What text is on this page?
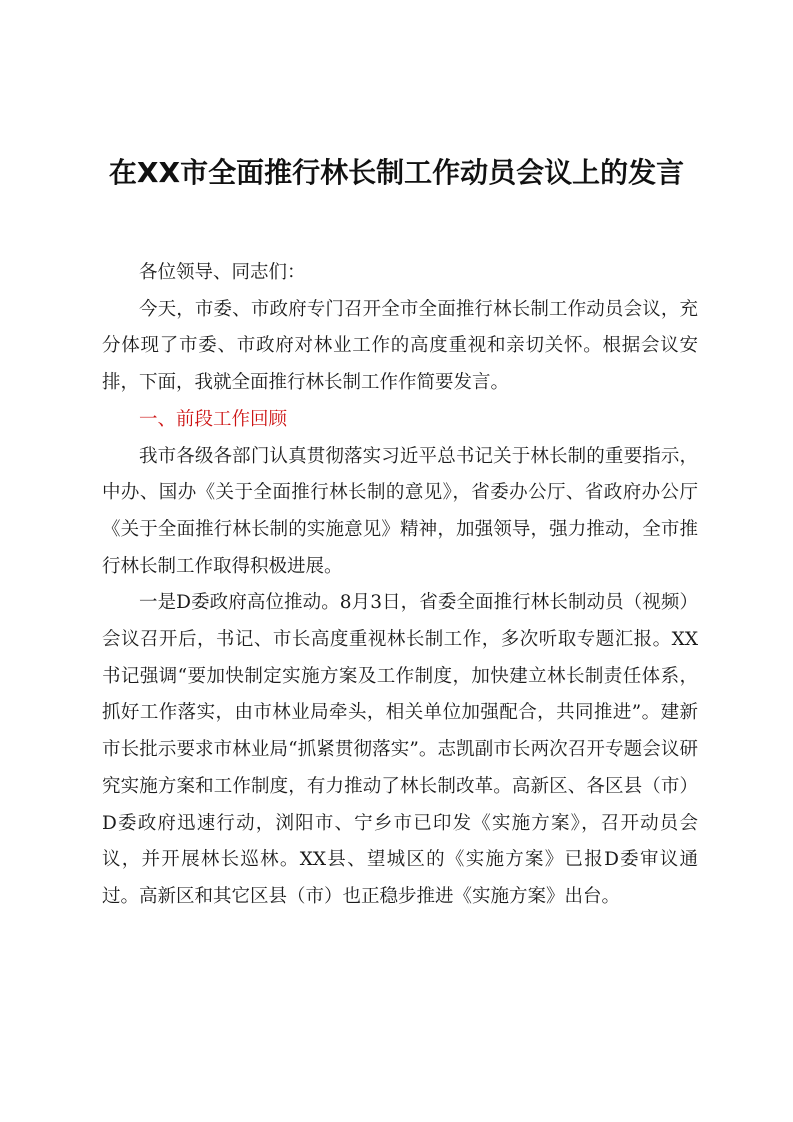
在XX市全面推行林长制工作动员会议上的发言

各位领导、同志们：

今天，市委、市政府专门召开全市全面推行林长制工作动员会议，充分体现了市委、市政府对林业工作的高度重视和亲切关怀。根据会议安排，下面，我就全面推行林长制工作作简要发言。

一、前段工作回顾

我市各级各部门认真贯彻落实习近平总书记关于林长制的重要指示，中办、国办《关于全面推行林长制的意见》，省委办公厅、省政府办公厅《关于全面推行林长制的实施意见》精神，加强领导，强力推动，全市推行林长制工作取得积极进展。

一是D委政府高位推动。8月3日，省委全面推行林长制动员（视频）会议召开后，书记、市长高度重视林长制工作，多次听取专题汇报。XX书记强调“要加快制定实施方案及工作制度，加快建立林长制责任体系，抓好工作落实，由市林业局牵头，相关单位加强配合，共同推进”。建新市长批示要求市林业局“抓紧贯彻落实”。志凯副市长两次召开专题会议研究实施方案和工作制度，有力推动了林长制改革。高新区、各区县（市）D委政府迅速行动，浏阳市、宁乡市已印发《实施方案》，召开动员会议，并开展林长巡林。XX县、望城区的《实施方案》已报D委审议通过。高新区和其它区县（市）也正稳步推进《实施方案》出台。
